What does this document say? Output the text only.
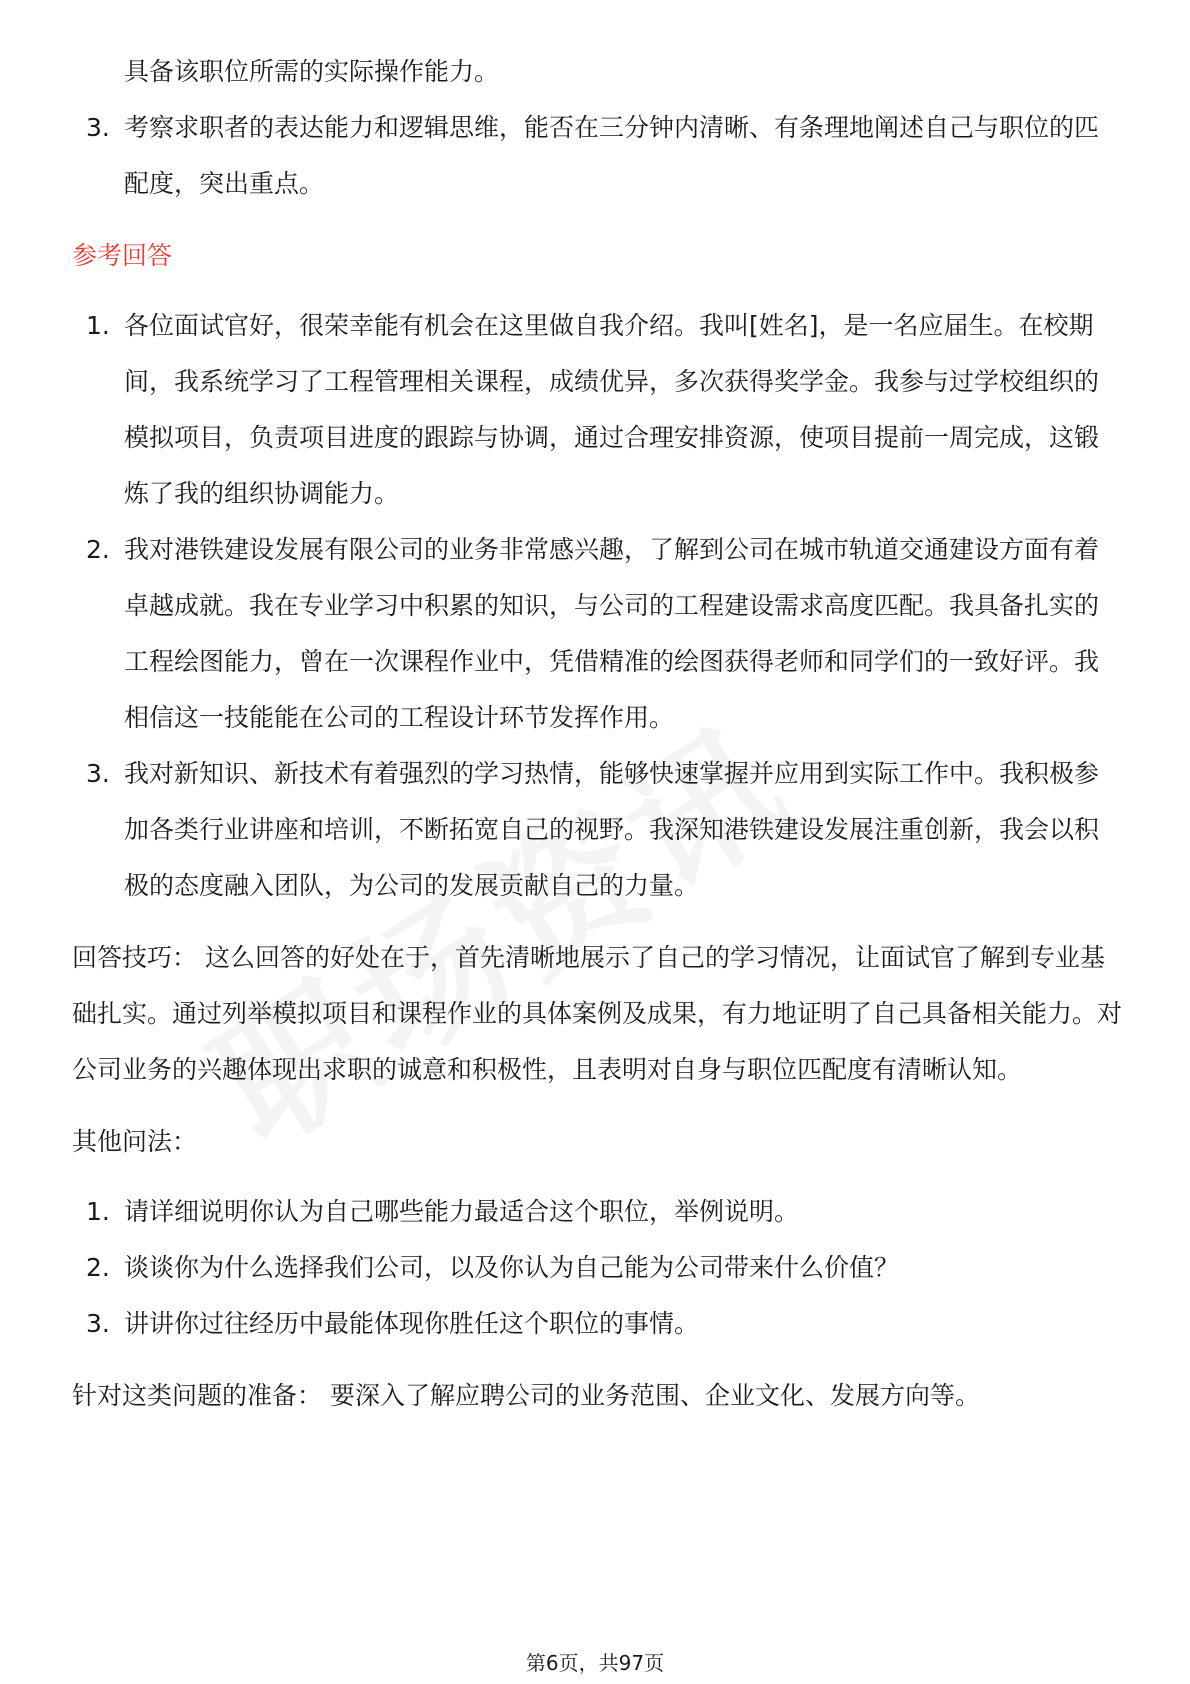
具备该职位所需的实际操作能力。

3. 考察求职者的表达能力和逻辑思维，能否在三分钟内清晰、有条理地阐述自己与职位的匹配度，突出重点。
参考回答
1. 各位面试官好，很荣幸能有机会在这里做自我介绍。我叫[姓名]，是一名应届生。在校期间，我系统学习了工程管理相关课程，成绩优异，多次获得奖学金。我参与过学校组织的模拟项目，负责项目进度的跟踪与协调，通过合理安排资源，使项目提前一周完成，这锻炼了我的组织协调能力。
2. 我对港铁建设发展有限公司的业务非常感兴趣，了解到公司在城市轨道交通建设方面有着卓越成就。我在专业学习中积累的知识，与公司的工程建设需求高度匹配。我具备扎实的工程绘图能力，曾在一次课程作业中，凭借精准的绘图获得老师和同学们的一致好评。我相信这一技能能在公司的工程设计环节发挥作用。
3. 我对新知识、新技术有着强烈的学习热情，能够快速掌握并应用到实际工作中。我积极参加各类行业讲座和培训，不断拓宽自己的视野。我深知港铁建设发展注重创新，我会以积极的态度融入团队，为公司的发展贡献自己的力量。

回答技巧： 这么回答的好处在于，首先清晰地展示了自己的学习情况，让面试官了解到专业基础扎实。通过列举模拟项目和课程作业的具体案例及成果，有力地证明了自己具备相关能力。对公司业务的兴趣体现出求职的诚意和积极性，且表明对自身与职位匹配度有清晰认知。

其他问法：

1. 请详细说明你认为自己哪些能力最适合这个职位，举例说明。
2. 谈谈你为什么选择我们公司，以及你认为自己能为公司带来什么价值？
3. 讲讲你过往经历中最能体现你胜任这个职位的事情。

针对这类问题的准备： 要深入了解应聘公司的业务范围、企业文化、发展方向等。

第6页，共97页
